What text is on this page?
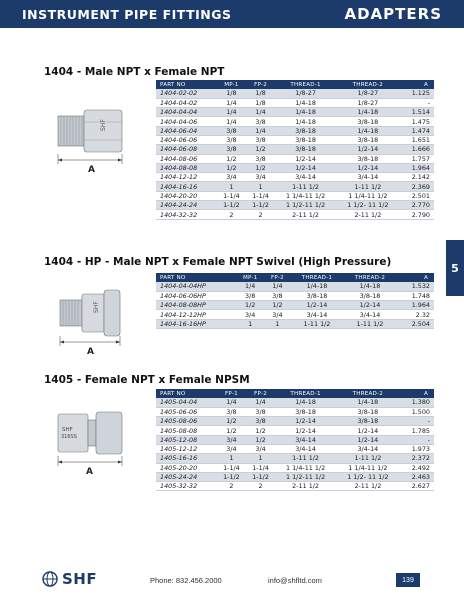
INSTRUMENT PIPE FITTINGS	ADAPTERS
5
1404 - Male NPT x Female NPT
SHF
A
PART NO	MP-1	FP-2	THREAD-1	THREAD-2	A
1404-02-02	1/8	1/8	1/8-27	1/8-27	1.125
1404-04-02	1/4	1/8	1/4-18	1/8-27	-
1404-04-04	1/4	1/4	1/4-18	1/4-18	1.514
1404-04-06	1/4	3/8	1/4-18	3/8-18	1.475
1404-06-04	3/8	1/4	3/8-18	1/4-18	1.474
1404-06-06	3/8	3/8	3/8-18	3/8-18	1.651
1404-06-08	3/8	1/2	3/8-18	1/2-14	1.666
1404-08-06	1/2	3/8	1/2-14	3/8-18	1.757
1404-08-08	1/2	1/2	1/2-14	1/2-14	1.964
1404-12-12	3/4	3/4	3/4-14	3/4-14	2.142
1404-16-16	1	1	1-11 1/2	1-11 1/2	2.369
1404-20-20	1-1/4	1-1/4	1 1/4-11 1/2	1 1/4-11 1/2	2.501
1404-24-24	1-1/2	1-1/2	1 1/2-11 1/2	1 1/2- 11 1/2	2.770
1404-32-32	2	2	2-11 1/2	2-11 1/2	2.790
1404 - HP - Male NPT x Female NPT Swivel (High Pressure)
SHF
A
PART NO	MP-1	FP-2	THREAD-1	THREAD-2	A
1404-04-04HP	1/4	1/4	1/4-18	1/4-18	1.532
1404-06-06HP	3/8	3/8	3/8-18	3/8-18	1.748
1404-08-08HP	1/2	1/2	1/2-14	1/2-14	1.964
1404-12-12HP	3/4	3/4	3/4-14	3/4-14	2.32
1404-16-16HP	1	1	1-11 1/2	1-11 1/2	2.504
1405 - Female NPT x Female NPSM
SHF
316SS
A
PART NO	FP-1	FP-2	THREAD-1	THREAD-2	A
1405-04-04	1/4	1/4	1/4-18	1/4-18	1.380
1405-06-06	3/8	3/8	3/8-18	3/8-18	1.500
1405-08-06	1/2	3/8	1/2-14	3/8-18	-
1405-08-08	1/2	1/2	1/2-14	1/2-14	1.785
1405-12-08	3/4	1/2	3/4-14	1/2-14	-
1405-12-12	3/4	3/4	3/4-14	3/4-14	1.973
1405-16-16	1	1	1-11 1/2	1-11 1/2	2.372
1405-20-20	1-1/4	1-1/4	1 1/4-11 1/2	1 1/4-11 1/2	2.492
1405-24-24	1-1/2	1-1/2	1 1/2-11 1/2	1 1/2- 11 1/2	2.463
1405-32-32	2	2	2-11 1/2	2-11 1/2	2.627
SHF	Phone: 832.456.2000	info@shfltd.com	139
